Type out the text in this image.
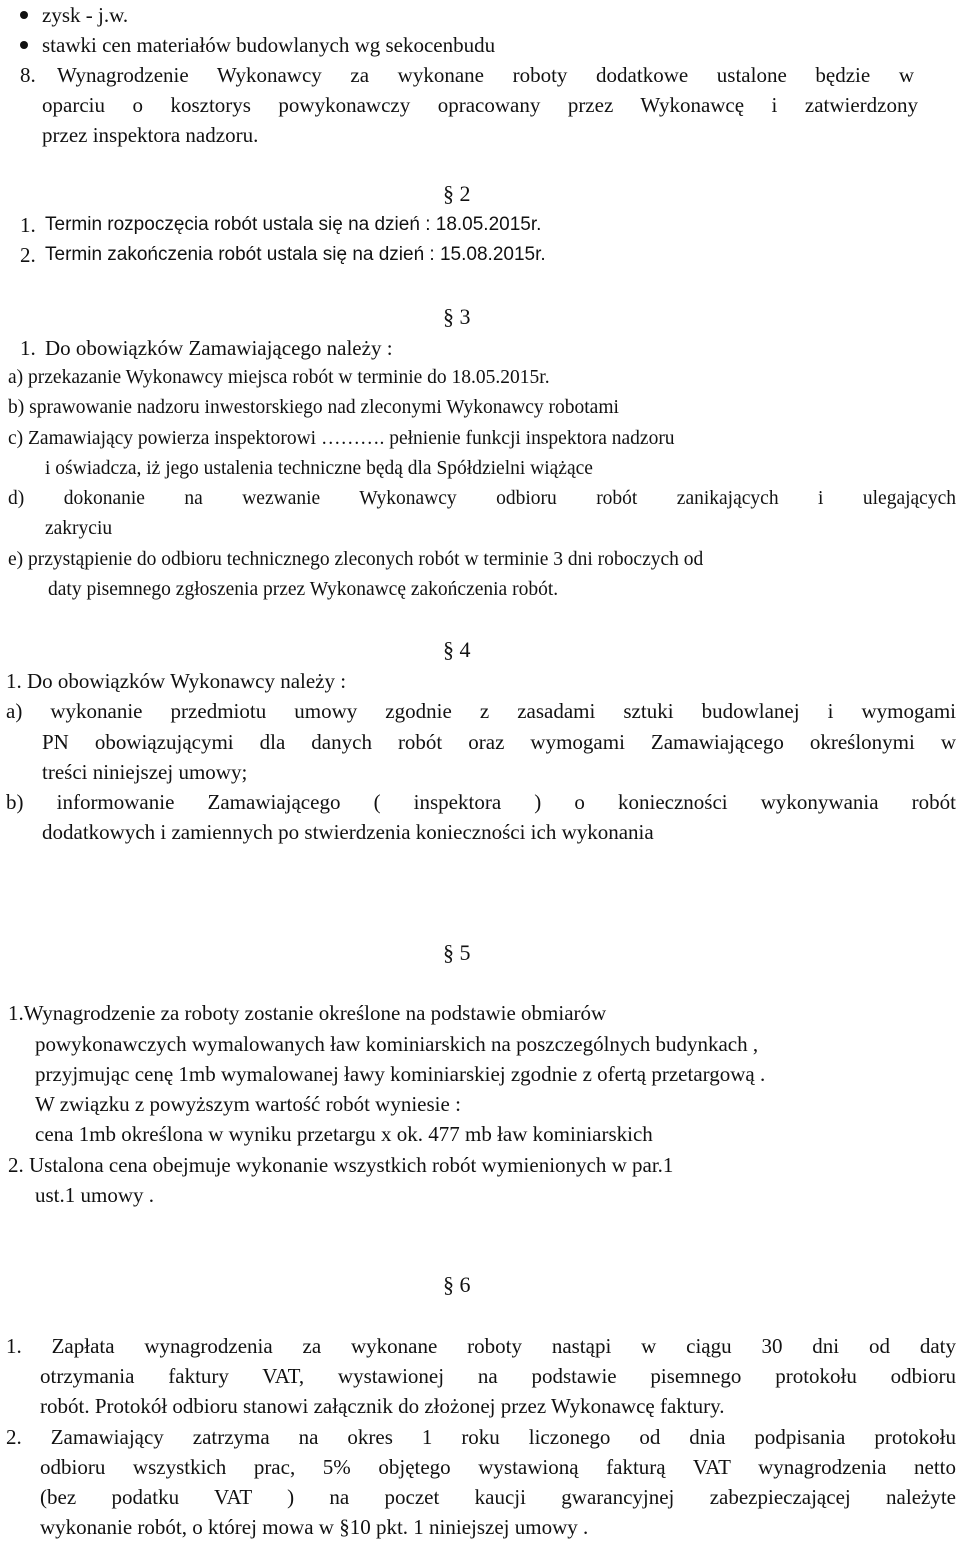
zysk - j.w.
stawki cen materiałów budowlanych wg sekocenbudu
8. Wynagrodzenie Wykonawcy za wykonane roboty dodatkowe ustalone będzie w
oparciu o kosztorys powykonawczy opracowany przez Wykonawcę i zatwierdzony
przez inspektora nadzoru.
§ 2
1. Termin rozpoczęcia robót ustala się na dzień : 18.05.2015r.
2. Termin zakończenia robót ustala się na dzień : 15.08.2015r.
§ 3
1. Do obowiązków Zamawiającego należy :
a) przekazanie Wykonawcy miejsca robót w terminie do 18.05.2015r.
b) sprawowanie nadzoru inwestorskiego nad zleconymi Wykonawcy robotami
c) Zamawiający powierza inspektorowi ………. pełnienie funkcji inspektora nadzoru
i oświadcza, iż jego ustalenia techniczne będą dla Spółdzielni wiążące
d) dokonanie na wezwanie Wykonawcy odbioru robót zanikających i ulegających
zakryciu
e) przystąpienie do odbioru technicznego zleconych robót w terminie 3 dni roboczych od
daty pisemnego zgłoszenia przez Wykonawcę zakończenia robót.
§ 4
1. Do obowiązków Wykonawcy należy :
a) wykonanie przedmiotu umowy zgodnie z zasadami sztuki budowlanej i wymogami
PN obowiązującymi dla danych robót oraz wymogami Zamawiającego określonymi w
treści niniejszej umowy;
b) informowanie Zamawiającego ( inspektora ) o konieczności wykonywania robót
dodatkowych i zamiennych po stwierdzenia konieczności ich wykonania
§ 5
1.Wynagrodzenie za roboty zostanie określone na podstawie obmiarów
powykonawczych wymalowanych ław kominiarskich na poszczególnych budynkach ,
przyjmując cenę 1mb wymalowanej ławy kominiarskiej zgodnie z ofertą przetargową .
W związku z powyższym wartość robót wyniesie :
cena 1mb określona w wyniku przetargu x ok. 477 mb ław kominiarskich
2. Ustalona cena obejmuje wykonanie wszystkich robót wymienionych w par.1
ust.1 umowy .
§ 6
1. Zapłata wynagrodzenia za wykonane roboty nastąpi w ciągu 30 dni od daty
otrzymania faktury VAT, wystawionej na podstawie pisemnego protokołu odbioru
robót. Protokół odbioru stanowi załącznik do złożonej przez Wykonawcę faktury.
2. Zamawiający zatrzyma na okres 1 roku liczonego od dnia podpisania protokołu
odbioru wszystkich prac, 5% objętego wystawioną fakturą VAT wynagrodzenia netto
(bez podatku VAT ) na poczet kaucji gwarancyjnej zabezpieczającej należyte
wykonanie robót, o której mowa w §10 pkt. 1 niniejszej umowy .
